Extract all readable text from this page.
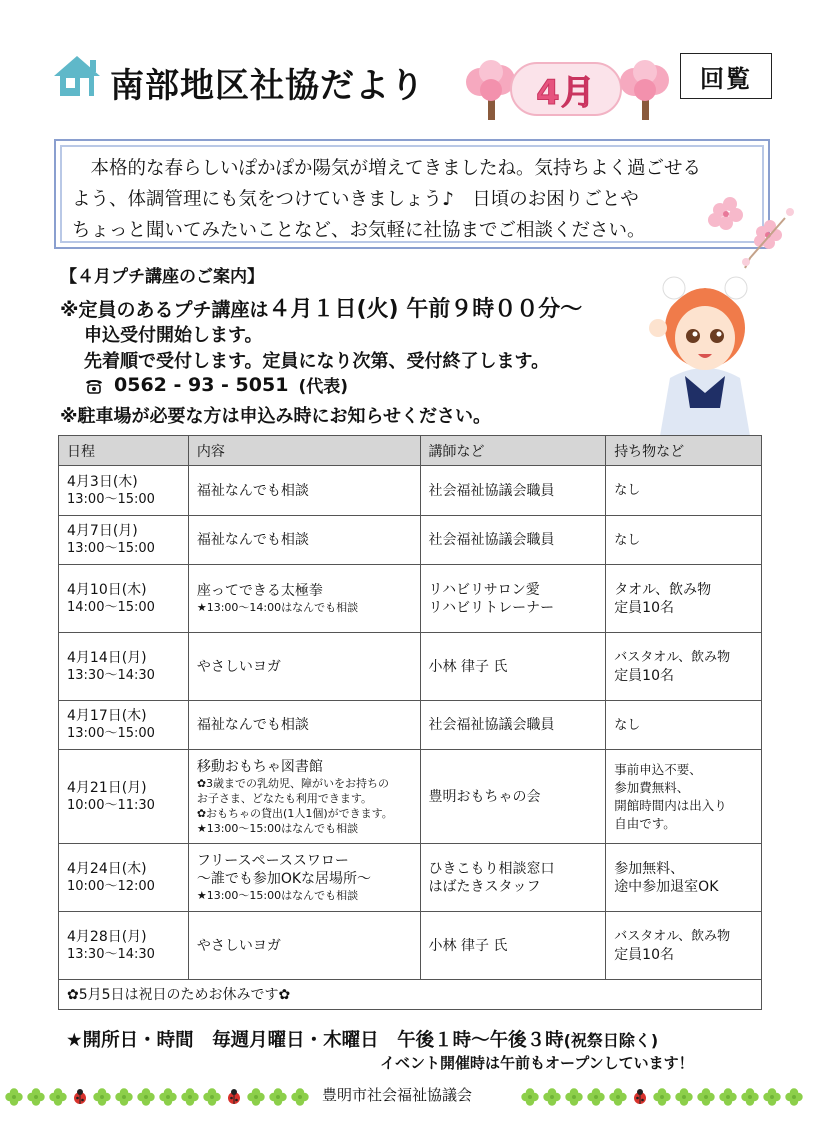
南部地区社協だより	4月	回覧

　本格的な春らしいぽかぽか陽気が増えてきましたね。気持ちよく過ごせる

よう、体調管理にも気をつけていきましょう♪　日頃のお困りごとや

ちょっと聞いてみたいことなど、お気軽に社協までご相談ください。

【４月プチ講座のご案内】
※定員のあるプチ講座は４月１日(火) 午前９時００分～
申込受付開始します。
先着順で受付します。定員になり次第、受付終了します。
0562 - 93 - 5051 (代表)
※駐車場が必要な方は申込み時にお知らせください。
日程	内容	講師など	持ち物など

4月3日(木)
13:00～15:00	福祉なんでも相談	社会福祉協議会職員	なし

4月7日(月)
13:00～15:00	福祉なんでも相談	社会福祉協議会職員	なし

4月10日(木)
14:00～15:00	座ってできる太極拳
★13:00～14:00はなんでも相談	リハビリサロン愛
リハビリトレーナー	タオル、飲み物
定員10名

4月14日(月)
13:30～14:30	やさしいヨガ	小林 律子 氏	バスタオル、飲み物
定員10名

4月17日(木)
13:00～15:00	福祉なんでも相談	社会福祉協議会職員	なし

4月21日(月)
10:00～11:30	移動おもちゃ図書館
✿3歳までの乳幼児、障がいをお持ちの
お子さま、どなたも利用できます。
✿おもちゃの貸出(1人1個)ができます。
★13:00～15:00はなんでも相談	豊明おもちゃの会	事前申込不要、
参加費無料、
開館時間内は出入り
自由です。

4月24日(木)
10:00～12:00	フリースペーススワロー
～誰でも参加OKな居場所～
★13:00～15:00はなんでも相談	ひきこもり相談窓口
はばたきスタッフ	参加無料、
途中参加退室OK

4月28日(月)
13:30～14:30	やさしいヨガ	小林 律子 氏	バスタオル、飲み物
定員10名

✿5月5日は祝日のためお休みです✿			
★開所日・時間　毎週月曜日・木曜日　午後１時～午後３時(祝祭日除く)
イベント開催時は午前もオープンしています！
豊明市社会福祉協議会
